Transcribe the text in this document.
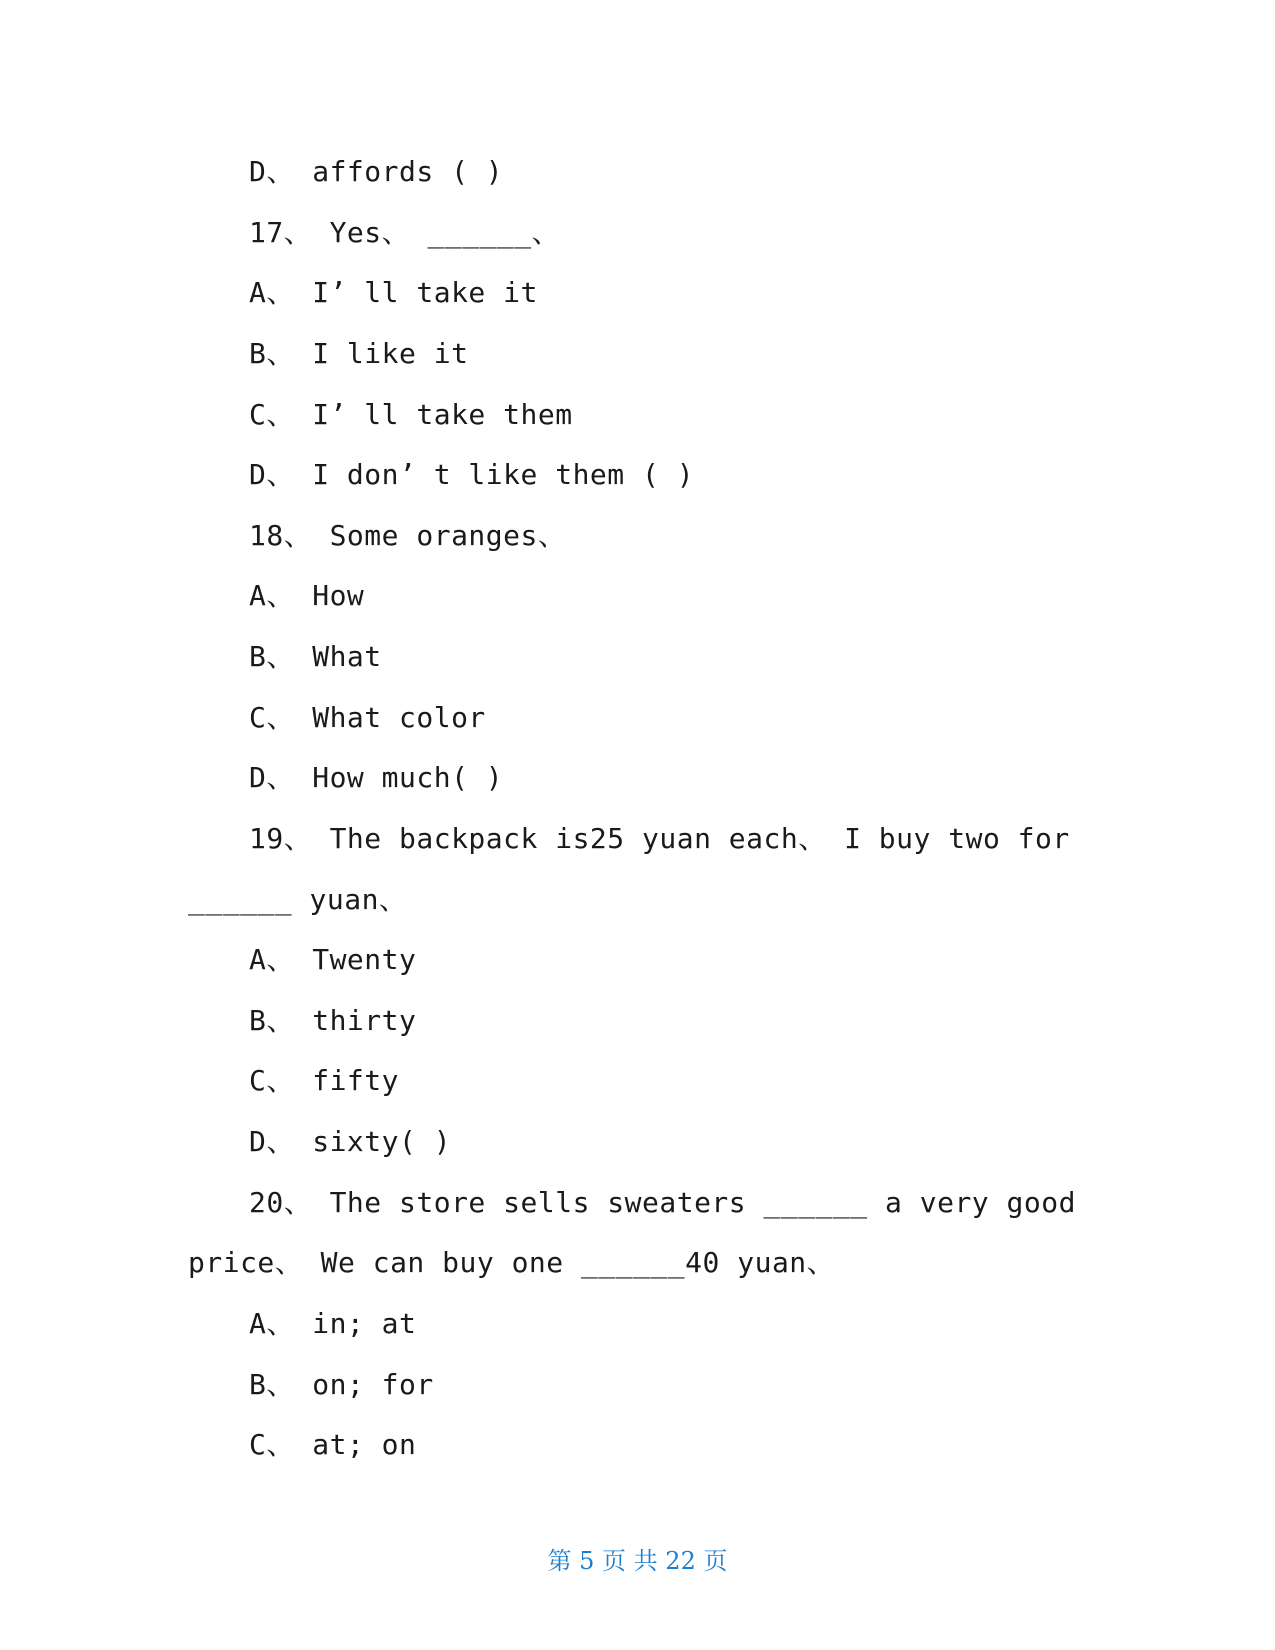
D、 affords ( )
17、 Yes、 ______、
A、 I’ ll take it
B、 I like it
C、 I’ ll take them
D、 I don’ t like them ( )
18、 Some oranges、
A、 How
B、 What
C、 What color
D、 How much( )
19、 The backpack is25 yuan each、 I buy two for
______ yuan、
A、 Twenty
B、 thirty
C、 fifty
D、 sixty( )
20、 The store sells sweaters ______ a very good
price、 We can buy one ______40 yuan、
A、 in; at
B、 on; for
C、 at; on
第 5 页 共 22 页
